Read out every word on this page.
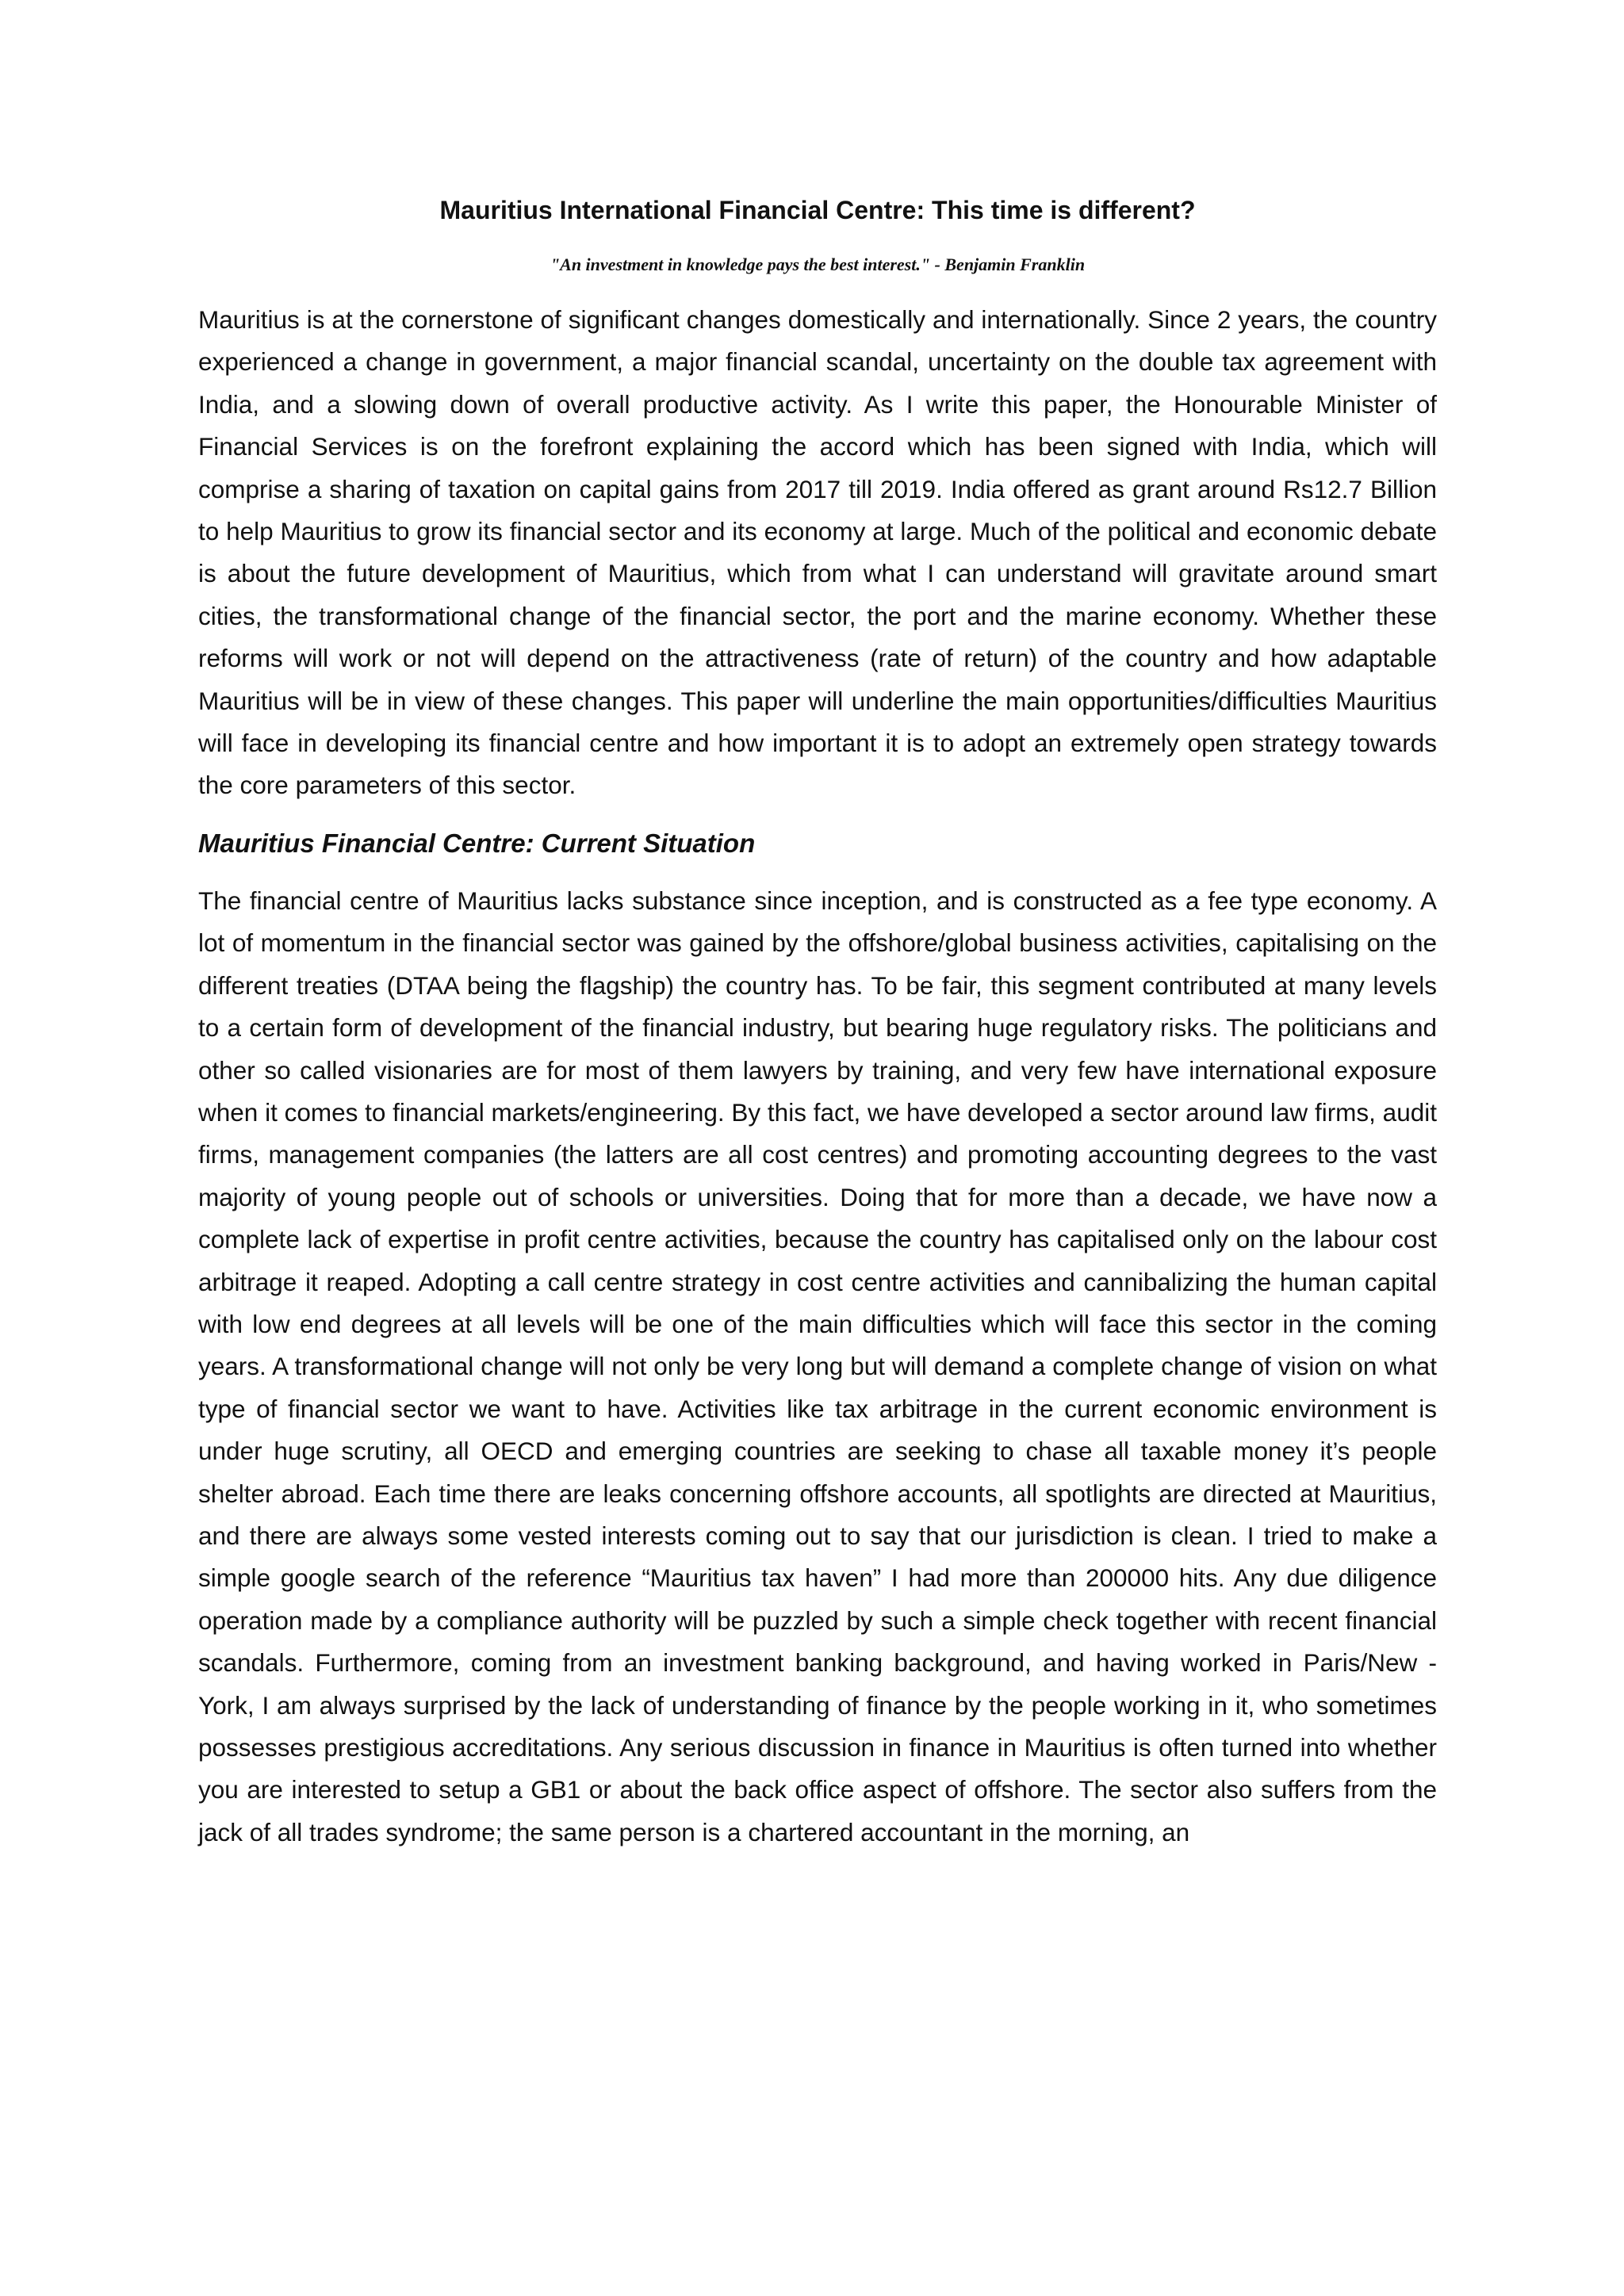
Mauritius International Financial Centre: This time is different?
"An investment in knowledge pays the best interest." - Benjamin Franklin

Mauritius is at the cornerstone of significant changes domestically and internationally. Since 2 years, the country experienced a change in government, a major financial scandal, uncertainty on the double tax agreement with India, and a slowing down of overall productive activity. As I write this paper, the Honourable Minister of Financial Services is on the forefront explaining the accord which has been signed with India, which will comprise a sharing of taxation on capital gains from 2017 till 2019. India offered as grant around Rs12.7 Billion to help Mauritius to grow its financial sector and its economy at large. Much of the political and economic debate is about the future development of Mauritius, which from what I can understand will gravitate around smart cities, the transformational change of the financial sector, the port and the marine economy. Whether these reforms will work or not will depend on the attractiveness (rate of return) of the country and how adaptable Mauritius will be in view of these changes. This paper will underline the main opportunities/difficulties Mauritius will face in developing its financial centre and how important it is to adopt an extremely open strategy towards the core parameters of this sector.

Mauritius Financial Centre: Current Situation

The financial centre of Mauritius lacks substance since inception, and is constructed as a fee type economy. A lot of momentum in the financial sector was gained by the offshore/global business activities, capitalising on the different treaties (DTAA being the flagship) the country has. To be fair, this segment contributed at many levels to a certain form of development of the financial industry, but bearing huge regulatory risks. The politicians and other so called visionaries are for most of them lawyers by training, and very few have international exposure when it comes to financial markets/engineering. By this fact, we have developed a sector around law firms, audit firms, management companies (the latters are all cost centres) and promoting accounting degrees to the vast majority of young people out of schools or universities. Doing that for more than a decade, we have now a complete lack of expertise in profit centre activities, because the country has capitalised only on the labour cost arbitrage it reaped. Adopting a call centre strategy in cost centre activities and cannibalizing the human capital with low end degrees at all levels will be one of the main difficulties which will face this sector in the coming years. A transformational change will not only be very long but will demand a complete change of vision on what type of financial sector we want to have. Activities like tax arbitrage in the current economic environment is under huge scrutiny, all OECD and emerging countries are seeking to chase all taxable money it’s people shelter abroad. Each time there are leaks concerning offshore accounts, all spotlights are directed at Mauritius, and there are always some vested interests coming out to say that our jurisdiction is clean. I tried to make a simple google search of the reference “Mauritius tax haven” I had more than 200000 hits. Any due diligence operation made by a compliance authority will be puzzled by such a simple check together with recent financial scandals. Furthermore, coming from an investment banking background, and having worked in Paris/New - York, I am always surprised by the lack of understanding of finance by the people working in it, who sometimes possesses prestigious accreditations. Any serious discussion in finance in Mauritius is often turned into whether you are interested to setup a GB1 or about the back office aspect of offshore. The sector also suffers from the jack of all trades syndrome; the same person is a chartered accountant in the morning, an
